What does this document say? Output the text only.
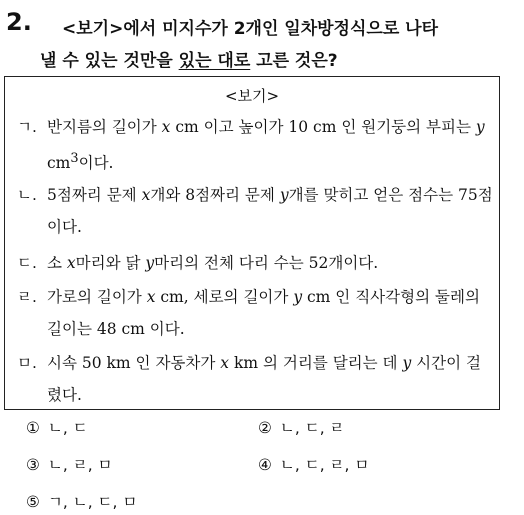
2. <보기>에서 미지수가 2개인 일차방정식으로 나타
낼 수 있는 것만을 있는 대로 고른 것은?
<보기>
ㄱ. 반지름의 길이가 x cm 이고 높이가 10 cm 인 원기둥의 부피는 y $cm^3$이다.
ㄴ. 5점짜리 문제 x개와 8점짜리 문제 y개를 맞히고 얻은 점수는 75점이다.
ㄷ. 소 x마리와 닭 y마리의 전체 다리 수는 52개이다.
ㄹ. 가로의 길이가 x cm, 세로의 길이가 y cm 인 직사각형의 둘레의 길이는 48 cm 이다.
ㅁ. 시속 50 km 인 자동차가 x km 의 거리를 달리는 데 y 시간이 걸렸다.
① ㄴ, ㄷ	② ㄴ, ㄷ, ㄹ
③ ㄴ, ㄹ, ㅁ	④ ㄴ, ㄷ, ㄹ, ㅁ
⑤ ㄱ, ㄴ, ㄷ, ㅁ
